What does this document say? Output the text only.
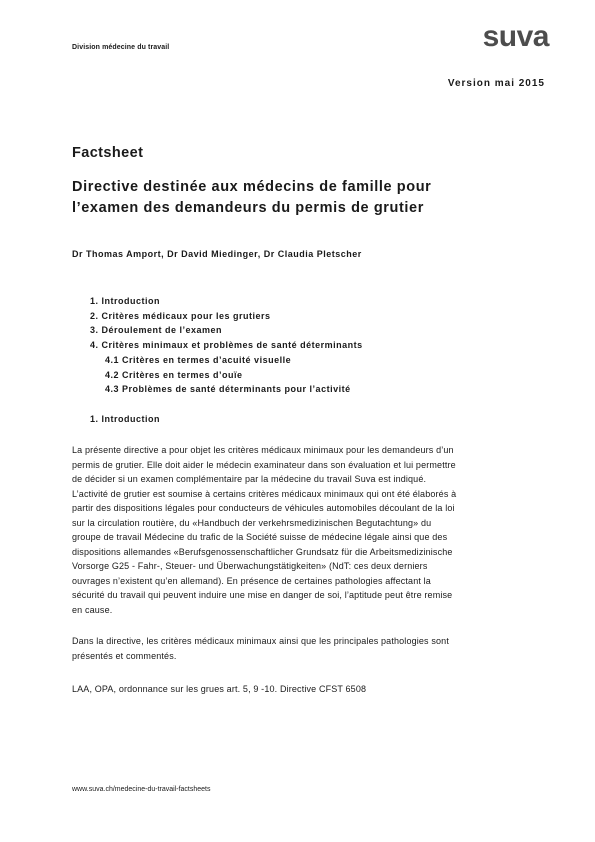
Division médecine du travail	suva
Version mai 2015
Factsheet
Directive destinée aux médecins de famille pour
l’examen des demandeurs du permis de grutier
Dr Thomas Amport, Dr David Miedinger, Dr Claudia Pletscher
1. Introduction
2. Critères médicaux pour les grutiers
3. Déroulement de l’examen
4. Critères minimaux et problèmes de santé déterminants
4.1 Critères en termes d’acuité visuelle
4.2 Critères en termes d’ouïe
4.3 Problèmes de santé déterminants pour l’activité
1. Introduction

La présente directive a pour objet les critères médicaux minimaux pour les demandeurs d’un

permis de grutier. Elle doit aider le médecin examinateur dans son évaluation et lui permettre

de décider si un examen complémentaire par la médecine du travail Suva est indiqué.

L’activité de grutier est soumise à certains critères médicaux minimaux qui ont été élaborés à

partir des dispositions légales pour conducteurs de véhicules automobiles découlant de la loi

sur la circulation routière, du «Handbuch der verkehrsmedizinischen Begutachtung» du

groupe de travail Médecine du trafic de la Société suisse de médecine légale ainsi que des

dispositions allemandes «Berufsgenossenschaftlicher Grundsatz für die Arbeitsmedizinische

Vorsorge G25 - Fahr-, Steuer- und Überwachungstätigkeiten» (NdT: ces deux derniers

ouvrages n’existent qu’en allemand). En présence de certaines pathologies affectant la

sécurité du travail qui peuvent induire une mise en danger de soi, l’aptitude peut être remise

en cause.

Dans la directive, les critères médicaux minimaux ainsi que les principales pathologies sont

présentés et commentés.

LAA, OPA, ordonnance sur les grues art. 5, 9 -10. Directive CFST 6508

www.suva.ch/medecine-du-travail-factsheets
